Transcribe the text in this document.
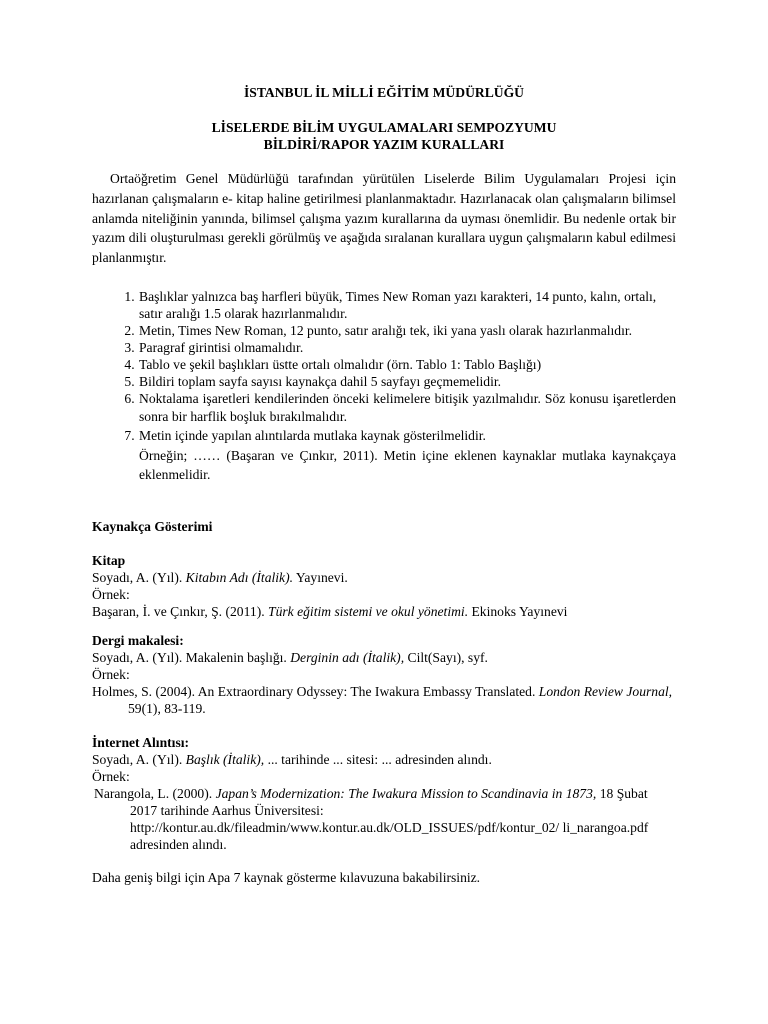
İSTANBUL İL MİLLİ EĞİTİM MÜDÜRLÜĞÜ
LİSELERDE BİLİM UYGULAMALARI SEMPOZYUMU
BİLDİRİ/RAPOR YAZIM KURALLARI
Ortaöğretim Genel Müdürlüğü tarafından yürütülen Liselerde Bilim Uygulamaları Projesi için hazırlanan çalışmaların e- kitap haline getirilmesi planlanmaktadır. Hazırlanacak olan çalışmaların bilimsel anlamda niteliğinin yanında, bilimsel çalışma yazım kurallarına da uyması önemlidir. Bu nedenle ortak bir yazım dili oluşturulması gerekli görülmüş ve aşağıda sıralanan kurallara uygun çalışmaların kabul edilmesi planlanmıştır.
1. Başlıklar yalnızca baş harfleri büyük, Times New Roman yazı karakteri, 14 punto, kalın, ortalı, satır aralığı 1.5 olarak hazırlanmalıdır.
2. Metin, Times New Roman, 12 punto, satır aralığı tek, iki yana yaslı olarak hazırlanmalıdır.
3. Paragraf girintisi olmamalıdır.
4. Tablo ve şekil başlıkları üstte ortalı olmalıdır (örn. Tablo 1: Tablo Başlığı)
5. Bildiri toplam sayfa sayısı kaynakça dahil 5 sayfayı geçmemelidir.
6. Noktalama işaretleri kendilerinden önceki kelimelere bitişik yazılmalıdır. Söz konusu işaretlerden sonra bir harflik boşluk bırakılmalıdır.
7. Metin içinde yapılan alıntılarda mutlaka kaynak gösterilmelidir.
Örneğin; …… (Başaran ve Çınkır, 2011). Metin içine eklenen kaynaklar mutlaka kaynakçaya eklenmelidir.
Kaynakça Gösterimi
Kitap
Soyadı, A. (Yıl). Kitabın Adı (İtalik). Yayınevi.
Örnek:
Başaran, İ. ve Çınkır, Ş. (2011). Türk eğitim sistemi ve okul yönetimi. Ekinoks Yayınevi
Dergi makalesi:
Soyadı, A. (Yıl). Makalenin başlığı. Derginin adı (İtalik), Cilt(Sayı), syf.
Örnek:
Holmes, S. (2004). An Extraordinary Odyssey: The Iwakura Embassy Translated. London Review Journal, 59(1), 83-119.
İnternet Alıntısı:
Soyadı, A. (Yıl). Başlık (İtalik), ... tarihinde ... sitesi: ... adresinden alındı.
Örnek:
Narangola, L. (2000). Japan’s Modernization: The Iwakura Mission to Scandinavia in 1873, 18 Şubat 2017 tarihinde Aarhus Üniversitesi: http://kontur.au.dk/fileadmin/www.kontur.au.dk/OLD_ISSUES/pdf/kontur_02/ li_narangoa.pdf adresinden alındı.
Daha geniş bilgi için Apa 7 kaynak gösterme kılavuzuna bakabilirsiniz.
